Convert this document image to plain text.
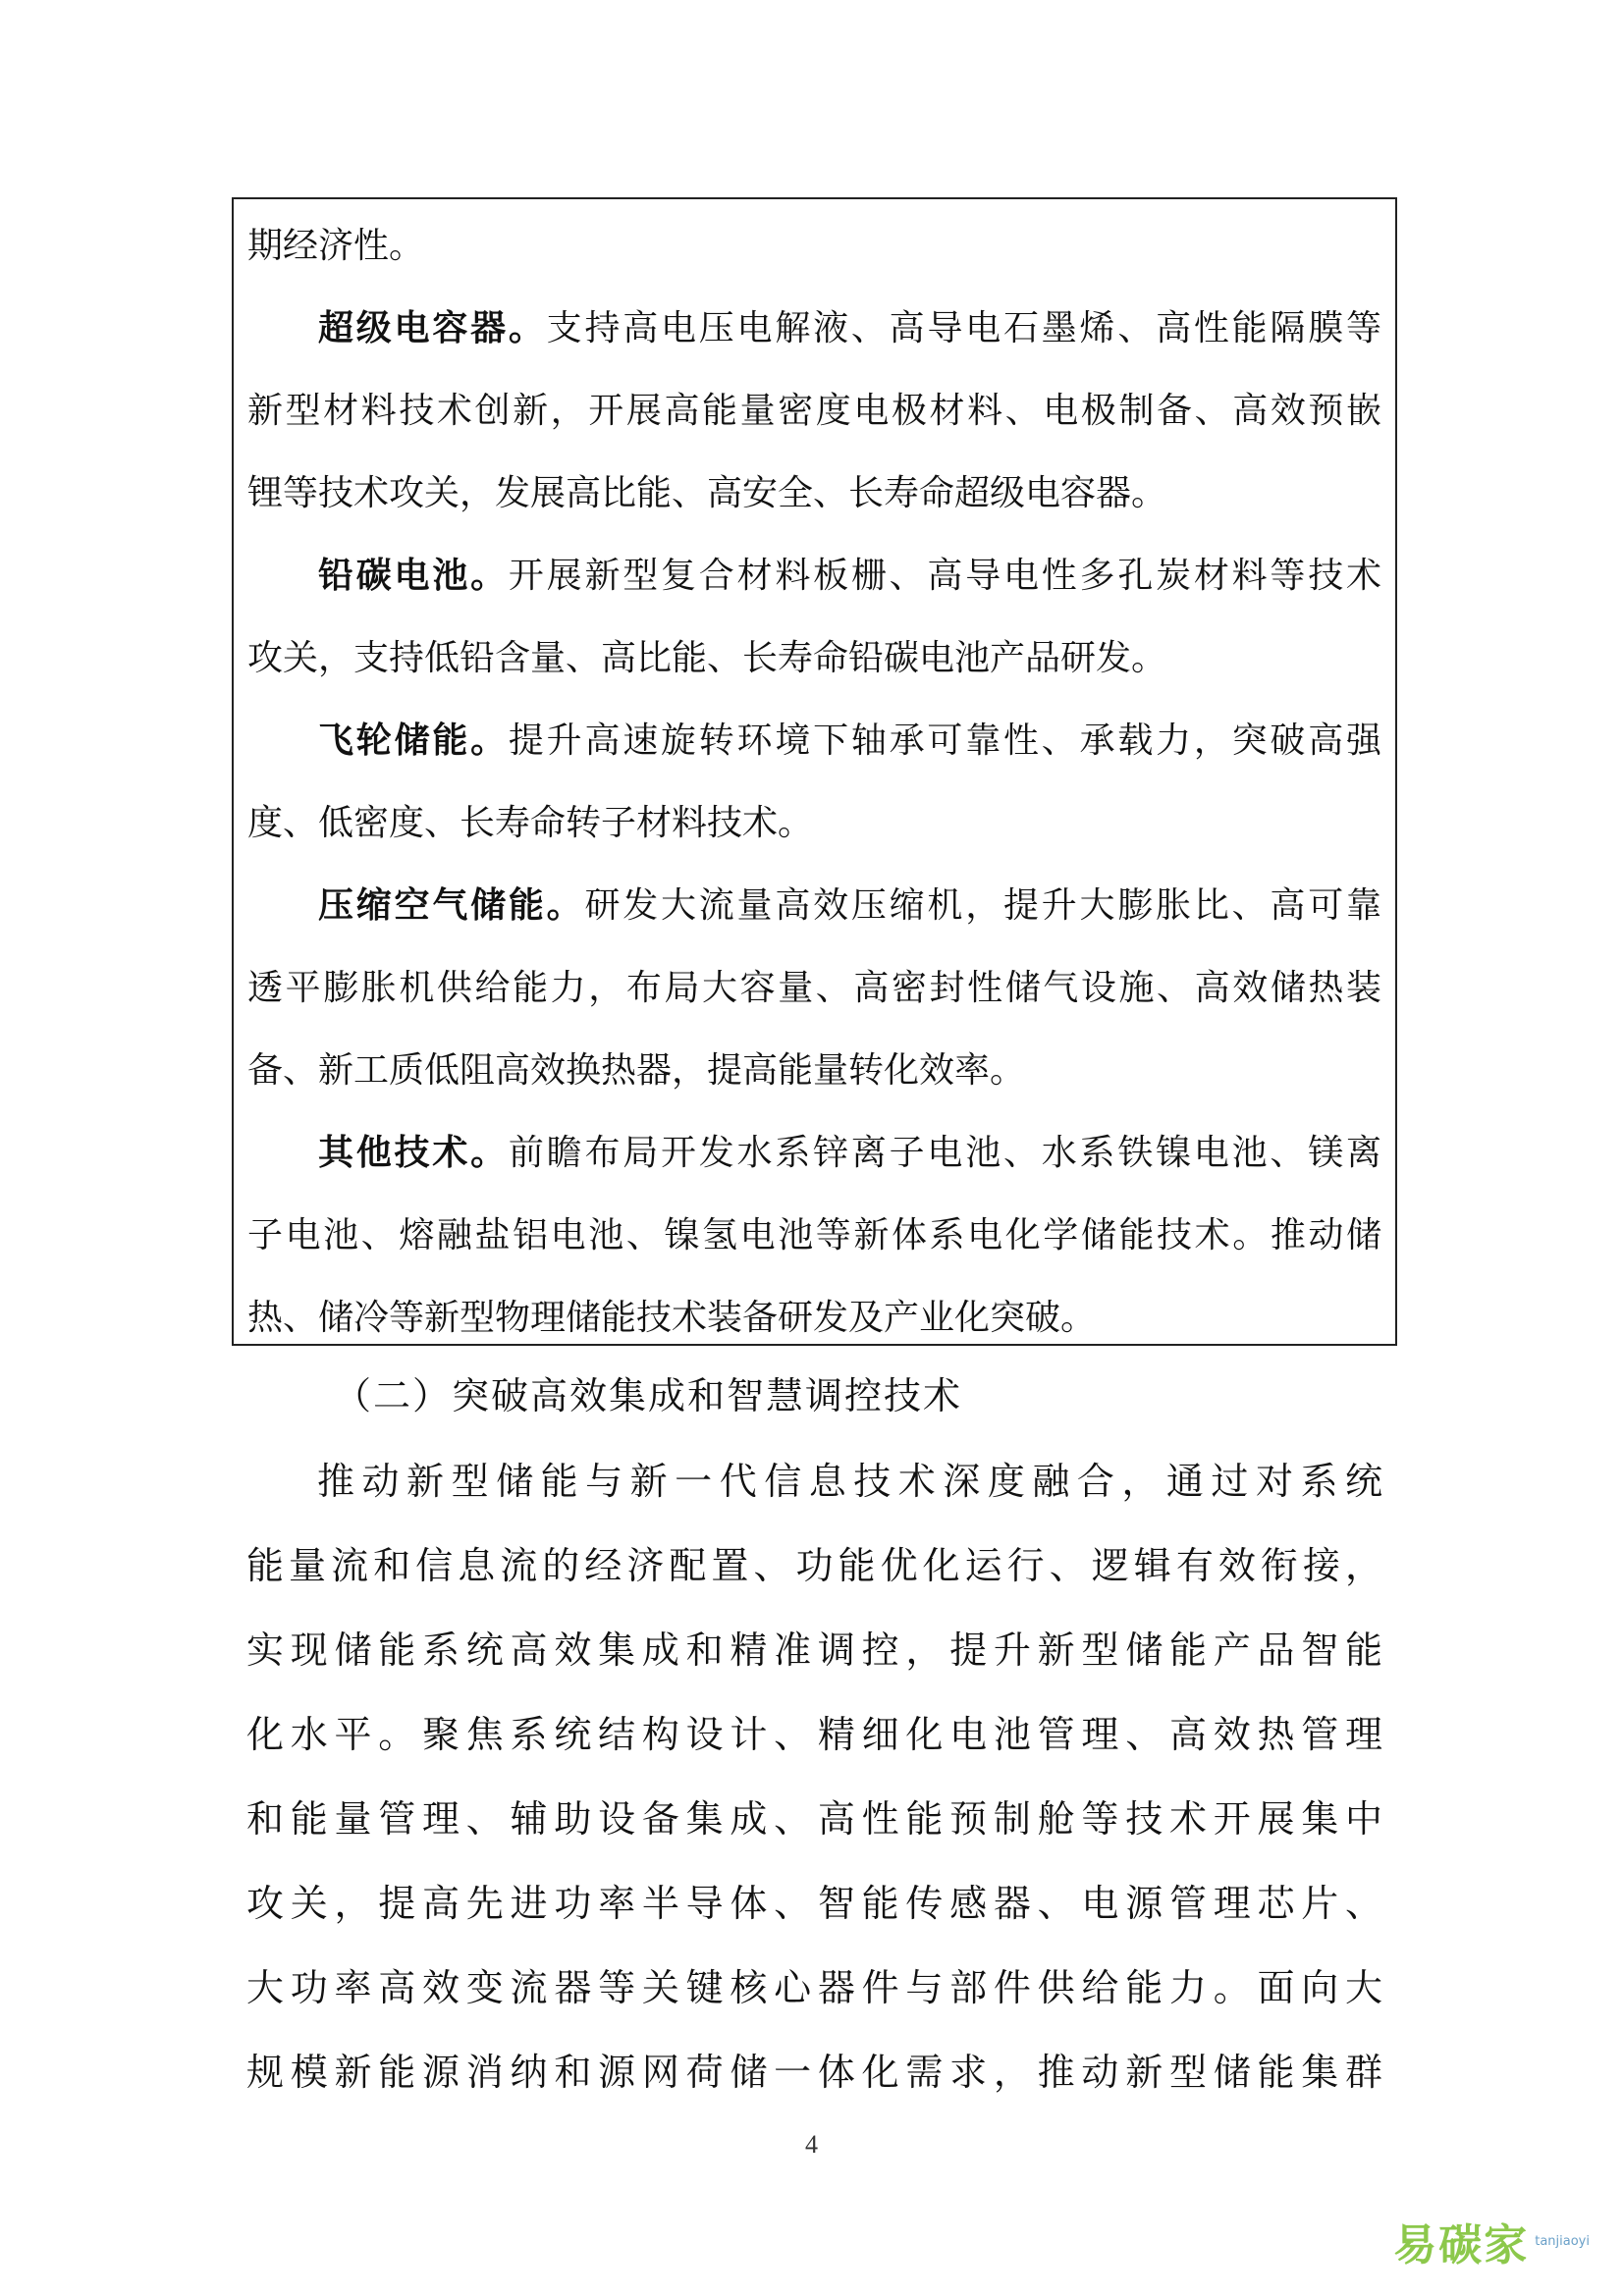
期经济性。

超级电容器。支持高电压电解液、高导电石墨烯、高性能隔膜等

新型材料技术创新，开展高能量密度电极材料、电极制备、高效预嵌

锂等技术攻关，发展高比能、高安全、长寿命超级电容器。

铅碳电池。开展新型复合材料板栅、高导电性多孔炭材料等技术

攻关，支持低铅含量、高比能、长寿命铅碳电池产品研发。

飞轮储能。提升高速旋转环境下轴承可靠性、承载力，突破高强

度、低密度、长寿命转子材料技术。

压缩空气储能。研发大流量高效压缩机，提升大膨胀比、高可靠

透平膨胀机供给能力，布局大容量、高密封性储气设施、高效储热装

备、新工质低阻高效换热器，提高能量转化效率。

其他技术。前瞻布局开发水系锌离子电池、水系铁镍电池、镁离

子电池、熔融盐铝电池、镍氢电池等新体系电化学储能技术。推动储

热、储冷等新型物理储能技术装备研发及产业化突破。

（二）突破高效集成和智慧调控技术

推动新型储能与新一代信息技术深度融合，通过对系统

能量流和信息流的经济配置、功能优化运行、逻辑有效衔接，

实现储能系统高效集成和精准调控，提升新型储能产品智能

化水平。聚焦系统结构设计、精细化电池管理、高效热管理

和能量管理、辅助设备集成、高性能预制舱等技术开展集中

攻关，提高先进功率半导体、智能传感器、电源管理芯片、

大功率高效变流器等关键核心器件与部件供给能力。面向大

规模新能源消纳和源网荷储一体化需求，推动新型储能集群

4
易碳家 tanjiaoyi
